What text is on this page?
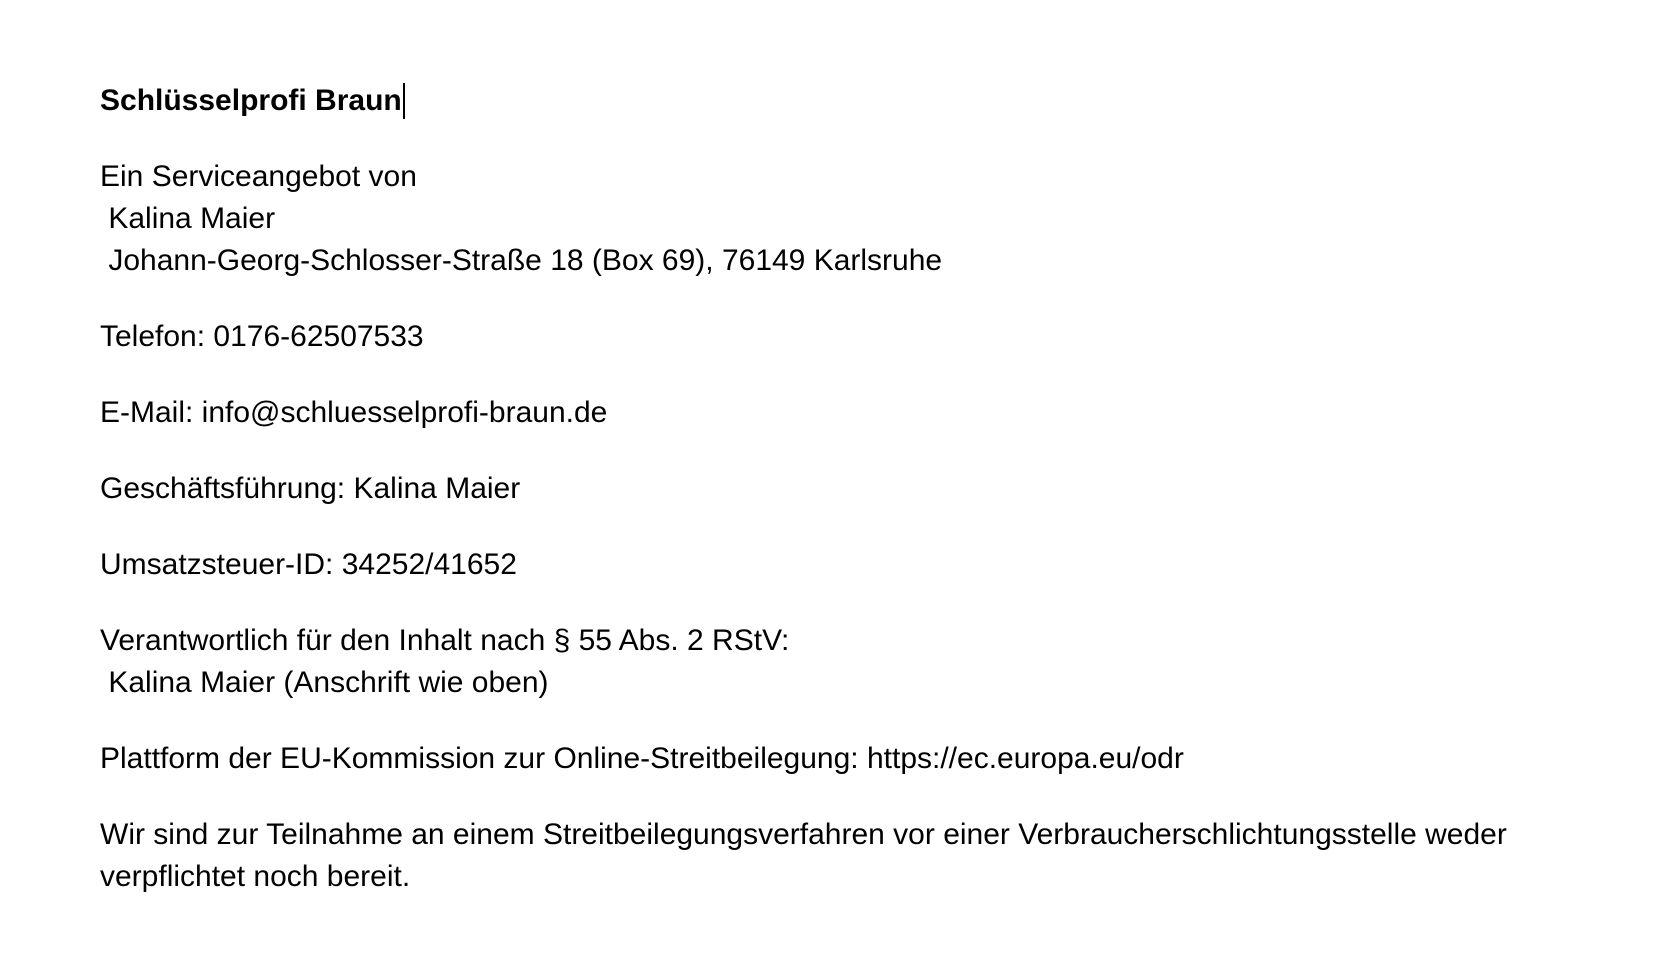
Schlüsselprofi Braun
Ein Serviceangebot von
Kalina Maier
Johann-Georg-Schlosser-Straße 18 (Box 69), 76149 Karlsruhe
Telefon: 0176-62507533
E-Mail: info@schluesselprofi-braun.de
Geschäftsführung: Kalina Maier
Umsatzsteuer-ID: 34252/41652
Verantwortlich für den Inhalt nach § 55 Abs. 2 RStV:
Kalina Maier (Anschrift wie oben)
Plattform der EU-Kommission zur Online-Streitbeilegung: https://ec.europa.eu/odr
Wir sind zur Teilnahme an einem Streitbeilegungsverfahren vor einer Verbraucherschlichtungsstelle weder verpflichtet noch bereit.
